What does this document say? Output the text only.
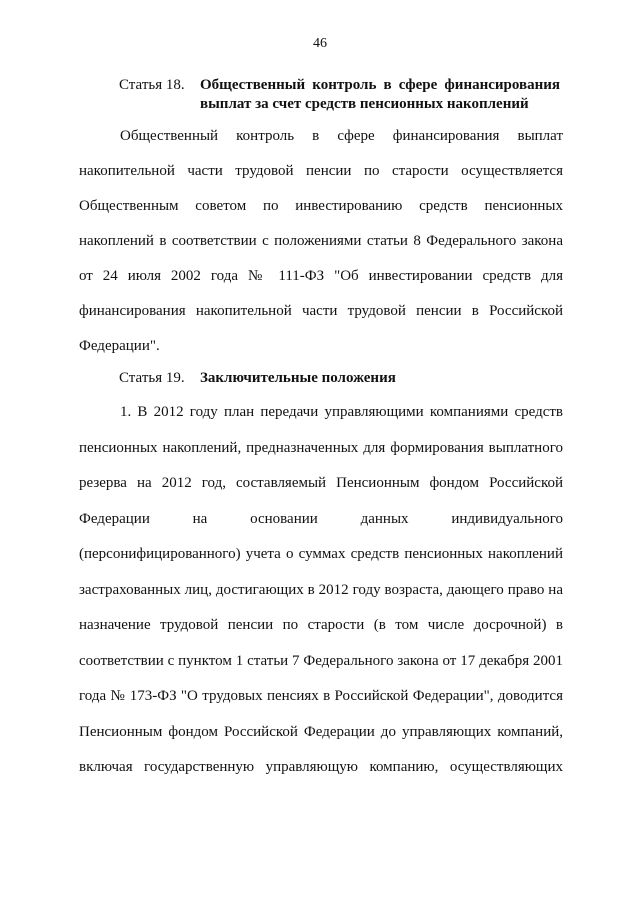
46
Статья 18. Общественный контроль в сфере финансирования выплат за счет средств пенсионных накоплений
Общественный контроль в сфере финансирования выплат
накопительной части трудовой пенсии по старости осуществляется
Общественным советом по инвестированию средств пенсионных
накоплений в соответствии с положениями статьи 8 Федерального закона
от 24 июля 2002 года № 111-ФЗ "Об инвестировании средств для
финансирования накопительной части трудовой пенсии в Российской
Федерации".
Статья 19. Заключительные положения
1. В 2012 году план передачи управляющими компаниями средств
пенсионных накоплений, предназначенных для формирования выплатного
резерва на 2012 год, составляемый Пенсионным фондом Российской
Федерации на основании данных индивидуального
(персонифицированного) учета о суммах средств пенсионных накоплений
застрахованных лиц, достигающих в 2012 году возраста, дающего право на
назначение трудовой пенсии по старости (в том числе досрочной) в
соответствии с пунктом 1 статьи 7 Федерального закона от 17 декабря 2001
года № 173-ФЗ "О трудовых пенсиях в Российской Федерации", доводится
Пенсионным фондом Российской Федерации до управляющих компаний,
включая государственную управляющую компанию, осуществляющих
